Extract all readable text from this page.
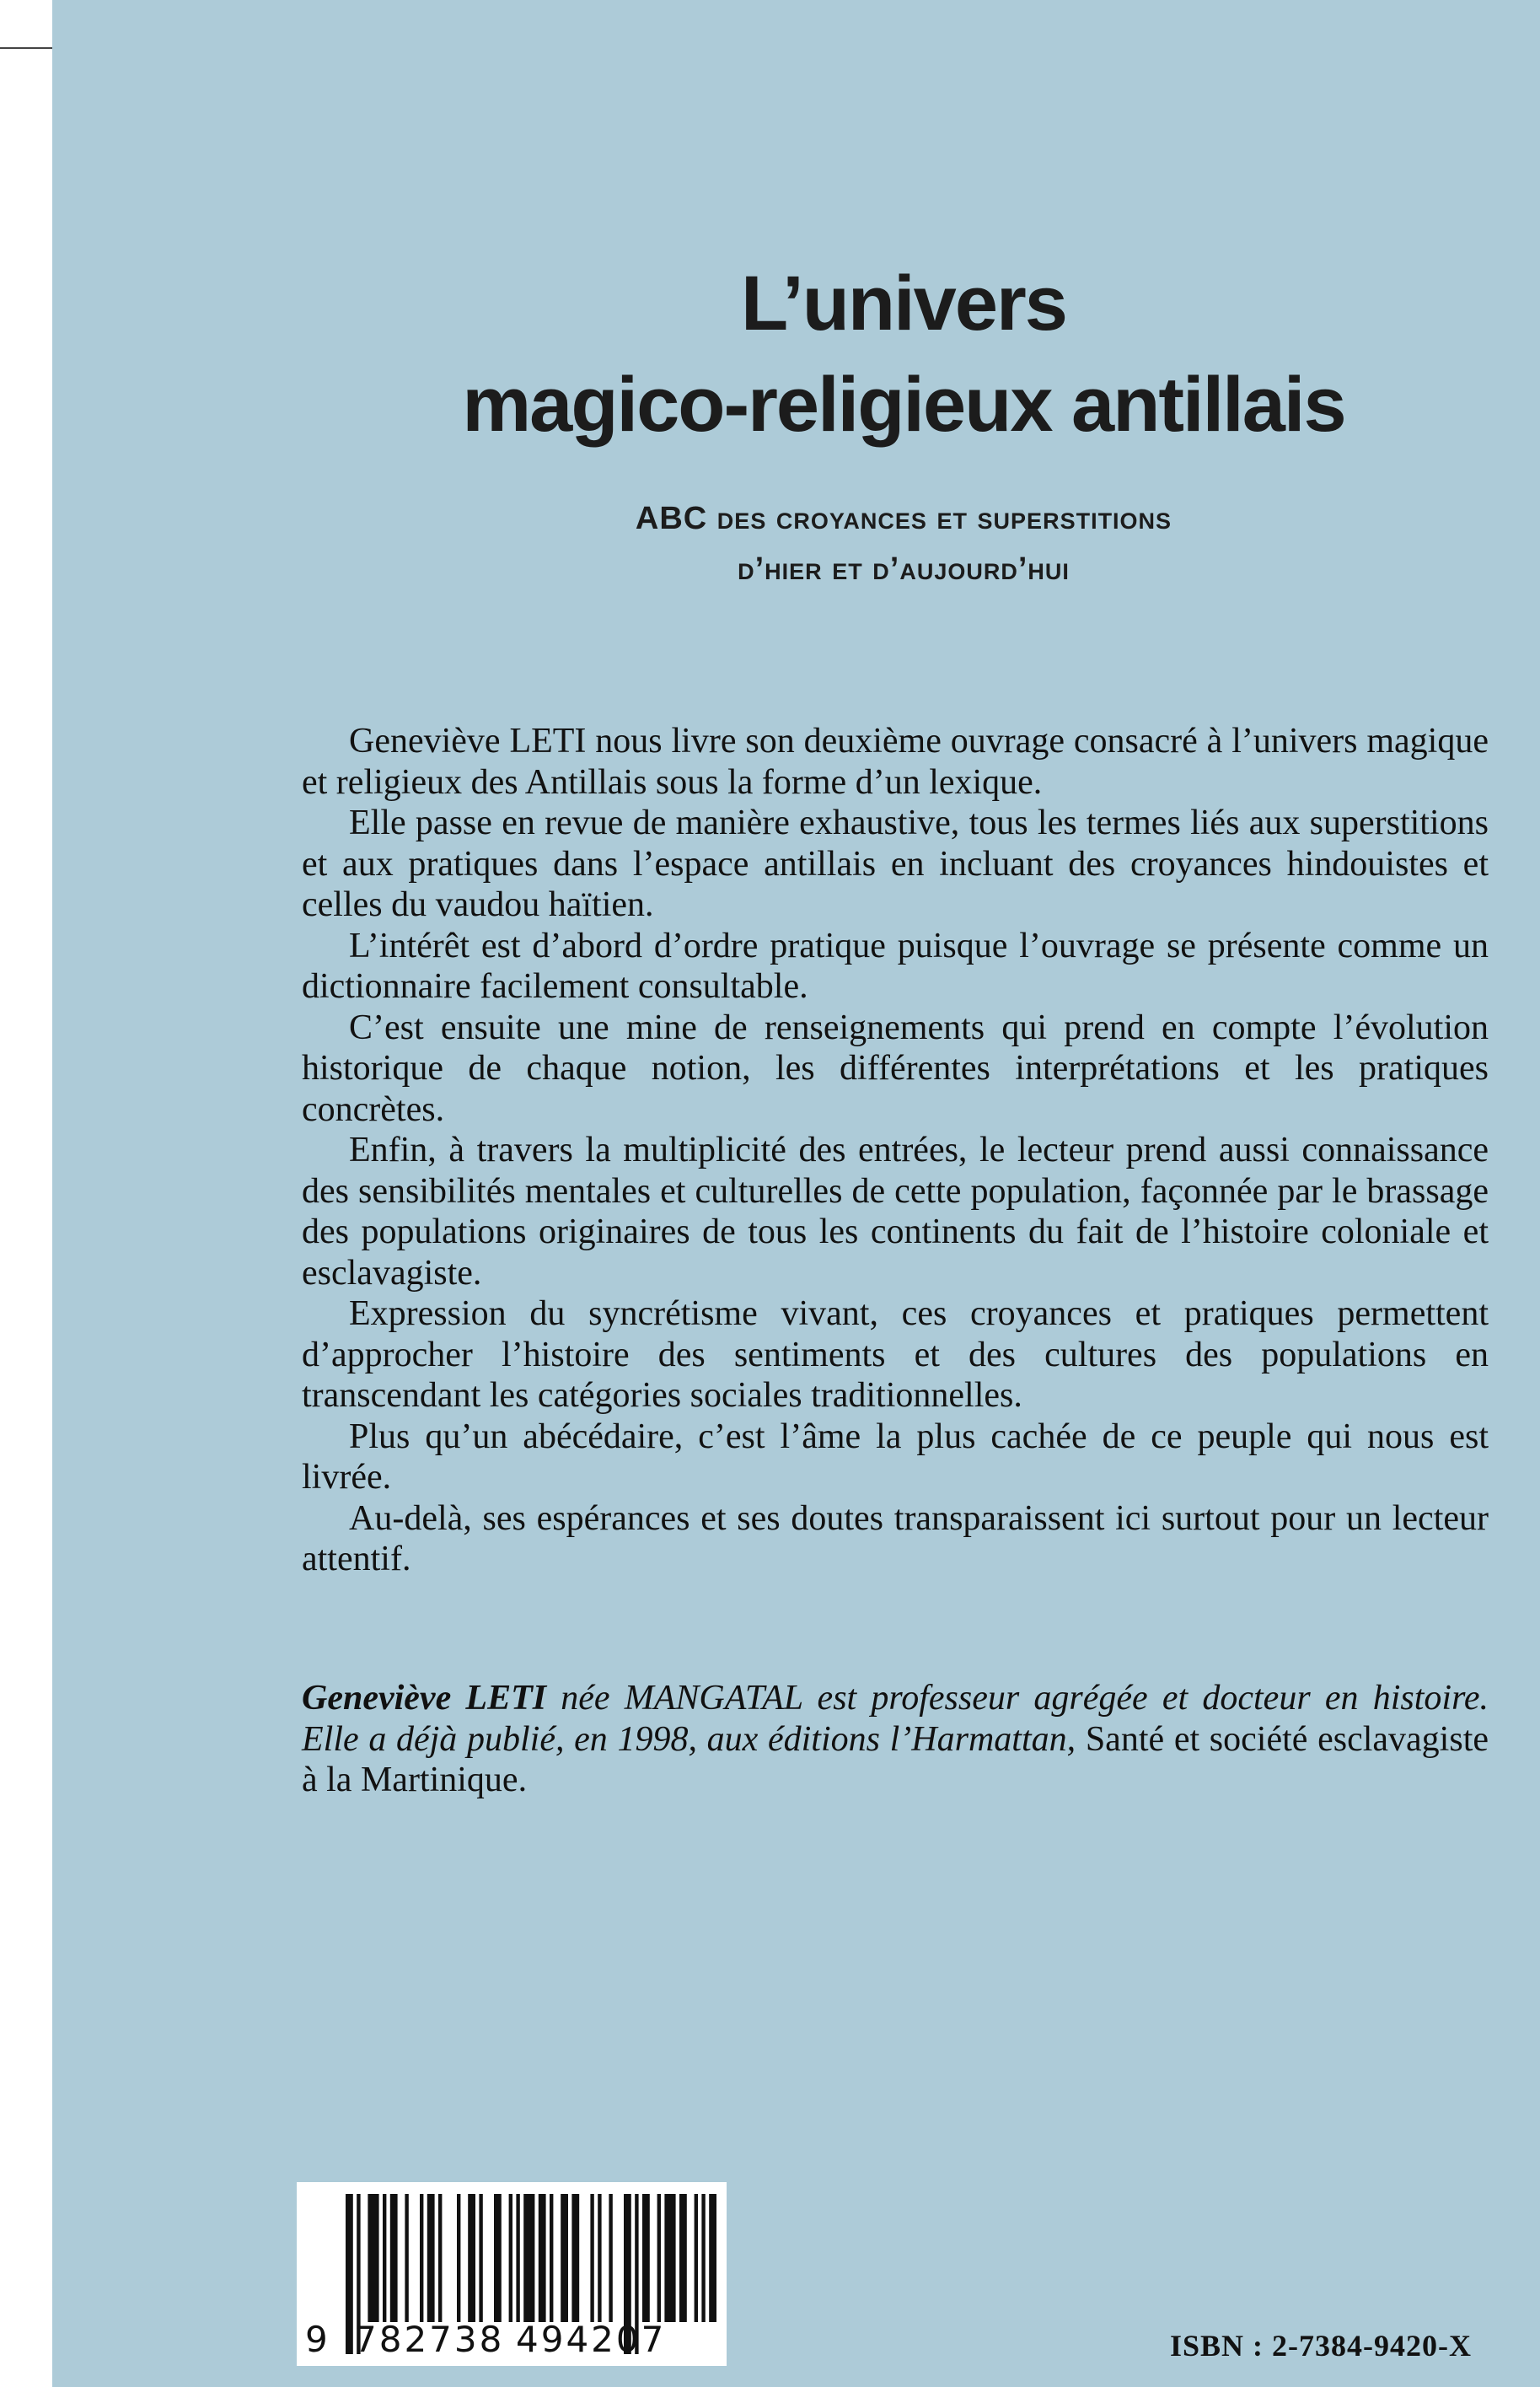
L’univers
magico-religieux antillais
ABC des croyances et superstitions
d’hier et d’aujourd’hui

Geneviève LETI nous livre son deuxième ouvrage consacré à l’univers magique et religieux des Antillais sous la forme d’un lexique.

Elle passe en revue de manière exhaustive, tous les termes liés aux superstitions et aux pratiques dans l’espace antillais en incluant des croyances hindouistes et celles du vaudou haïtien.

L’intérêt est d’abord d’ordre pratique puisque l’ouvrage se présente comme un dictionnaire facilement consultable.

C’est ensuite une mine de renseignements qui prend en compte l’évolution historique de chaque notion, les différentes interprétations et les pratiques concrètes.

Enfin, à travers la multiplicité des entrées, le lecteur prend aussi connaissance des sensibilités mentales et culturelles de cette population, façonnée par le brassage des populations originaires de tous les continents du fait de l’histoire coloniale et esclavagiste.

Expression du syncrétisme vivant, ces croyances et pratiques permettent d’approcher l’histoire des sentiments et des cultures des populations en transcendant les catégories sociales traditionnelles.

Plus qu’un abécédaire, c’est l’âme la plus cachée de ce peuple qui nous est livrée.

Au-delà, ses espérances et ses doutes transparaissent ici surtout pour un lecteur attentif.

Geneviève LETI née MANGATAL est professeur agrégée et docteur en histoire. Elle a déjà publié, en 1998, aux éditions l’Harmattan, Santé et société esclavagiste à la Martinique.
9 782738 494207	ISBN : 2-7384-9420-X
